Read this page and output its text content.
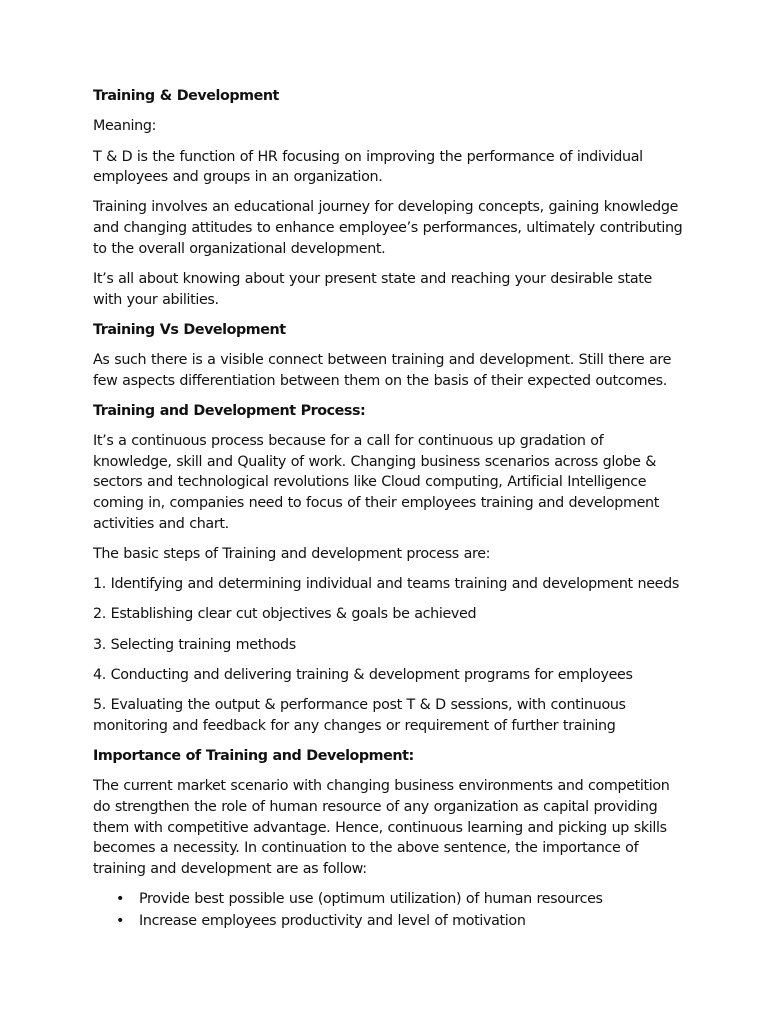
Training & Development

Meaning:

T & D is the function of HR focusing on improving the performance of individual employees and groups in an organization.

Training involves an educational journey for developing concepts, gaining knowledge and changing attitudes to enhance employee’s performances, ultimately contributing to the overall organizational development.

It’s all about knowing about your present state and reaching your desirable state with your abilities.

Training Vs Development

As such there is a visible connect between training and development. Still there are few aspects differentiation between them on the basis of their expected outcomes.

Training and Development Process:

It’s a continuous process because for a call for continuous up gradation of knowledge, skill and Quality of work. Changing business scenarios across globe & sectors and technological revolutions like Cloud computing, Artificial Intelligence coming in, companies need to focus of their employees training and development activities and chart.

The basic steps of Training and development process are:

1. Identifying and determining individual and teams training and development needs

2. Establishing clear cut objectives & goals be achieved

3. Selecting training methods

4. Conducting and delivering training & development programs for employees

5. Evaluating the output & performance post T & D sessions, with continuous monitoring and feedback for any changes or requirement of further training

Importance of Training and Development:

The current market scenario with changing business environments and competition do strengthen the role of human resource of any organization as capital providing them with competitive advantage. Hence, continuous learning and picking up skills becomes a necessity. In continuation to the above sentence, the importance of training and development are as follow:

• Provide best possible use (optimum utilization) of human resources
• Increase employees productivity and level of motivation
